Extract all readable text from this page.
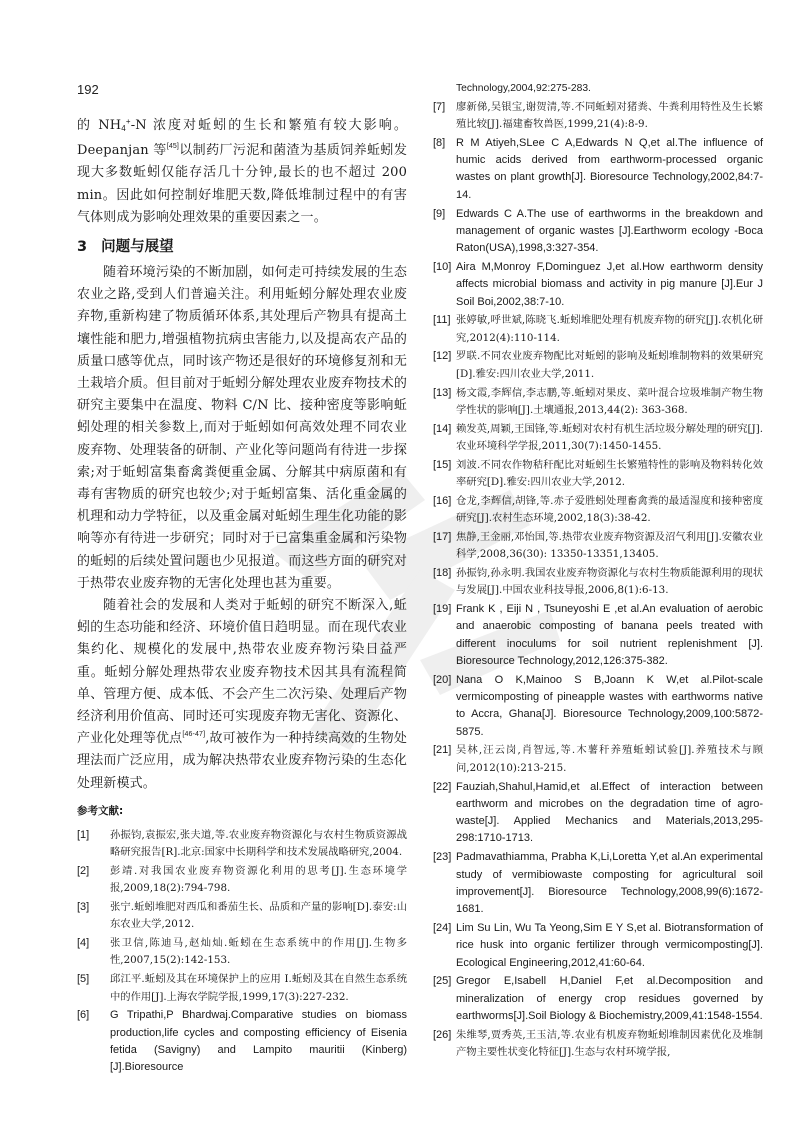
192

的 $NH_4^+-N$ 浓度对蚯蚓的生长和繁殖有较大影响。Deepanjan 等[45]以制药厂污泥和菌渣为基质饲养蚯蚓发现大多数蚯蚓仅能存活几十分钟,最长的也不超过 200 min。因此如何控制好堆肥天数,降低堆制过程中的有害气体则成为影响处理效果的重要因素之一。

3 问题与展望

随着环境污染的不断加剧，如何走可持续发展的生态农业之路,受到人们普遍关注。利用蚯蚓分解处理农业废弃物,重新构建了物质循环体系,其处理后产物具有提高土壤性能和肥力,增强植物抗病虫害能力,以及提高农产品的质量口感等优点，同时该产物还是很好的环境修复剂和无土栽培介质。但目前对于蚯蚓分解处理农业废弃物技术的研究主要集中在温度、物料 C/N 比、接种密度等影响蚯蚓处理的相关参数上,而对于蚯蚓如何高效处理不同农业废弃物、处理装备的研制、产业化等问题尚有待进一步探索;对于蚯蚓富集畜禽粪便重金属、分解其中病原菌和有毒有害物质的研究也较少;对于蚯蚓富集、活化重金属的机理和动力学特征，以及重金属对蚯蚓生理生化功能的影响等亦有待进一步研究；同时对于已富集重金属和污染物的蚯蚓的后续处置问题也少见报道。而这些方面的研究对于热带农业废弃物的无害化处理也甚为重要。

随着社会的发展和人类对于蚯蚓的研究不断深入,蚯蚓的生态功能和经济、环境价值日趋明显。而在现代农业集约化、规模化的发展中,热带农业废弃物污染日益严重。蚯蚓分解处理热带农业废弃物技术因其具有流程简单、管理方便、成本低、不会产生二次污染、处理后产物经济利用价值高、同时还可实现废弃物无害化、资源化、产业化处理等优点[46-47],故可被作为一种持续高效的生物处理法而广泛应用，成为解决热带农业废弃物污染的生态化处理新模式。

参考文献:
[1] 孙振钧,袁振宏,张夫道,等.农业废弃物资源化与农村生物质资源战略研究报告[R].北京:国家中长期科学和技术发展战略研究,2004.
[2] 彭靖.对我国农业废弃物资源化利用的思考[J].生态环境学报,2009,18(2):794-798.
[3] 张宁.蚯蚓堆肥对西瓜和番茄生长、品质和产量的影响[D].泰安:山东农业大学,2012.
[4] 张卫信,陈迪马,赵灿灿.蚯蚓在生态系统中的作用[J].生物多性,2007,15(2):142-153.
[5] 邱江平.蚯蚓及其在环境保护上的应用 I.蚯蚓及其在自然生态系统中的作用[J].上海农学院学报,1999,17(3):227-232.
[6] G Tripathi,P Bhardwaj.Comparative studies on biomass production,life cycles and composting efficiency of Eisenia fetida (Savigny) and Lampito mauritii (Kinberg)[J].Bioresource
Technology,2004,92:275-283.
[7] 廖新俤,吴银宝,谢贺清,等.不同蚯蚓对猪粪、牛粪利用特性及生长繁殖比较[J].福建畜牧兽医,1999,21(4):8-9.
[8] R M Atiyeh,SLee C A,Edwards N Q,et al.The influence of humic acids derived from earthworm-processed organic wastes on plant growth[J]. Bioresource Technology,2002,84:7-14.
[9] Edwards C A.The use of earthworms in the breakdown and management of organic wastes [J].Earthworm ecology -Boca Raton(USA),1998,3:327-354.
[10] Aira M,Monroy F,Dominguez J,et al.How earthworm density affects microbial biomass and activity in pig manure [J].Eur J Soil Boi,2002,38:7-10.
[11] 张婷敏,呼世斌,陈晓飞.蚯蚓堆肥处理有机废弃物的研究[J].农机化研究,2012(4):110-114.
[12] 罗联.不同农业废弃物配比对蚯蚓的影响及蚯蚓堆制物料的效果研究[D].雅安:四川农业大学,2011.
[13] 杨文霞,李辉信,李志鹏,等.蚯蚓对果皮、菜叶混合垃圾堆制产物生物学性状的影响[J].土壤通报,2013,44(2): 363-368.
[14] 赖发英,周颖,王国锋,等.蚯蚓对农村有机生活垃圾分解处理的研究[J].农业环境科学学报,2011,30(7):1450-1455.
[15] 刘波.不同农作物秸秆配比对蚯蚓生长繁殖特性的影响及物料转化效率研究[D].雅安:四川农业大学,2012.
[16] 仓龙,李辉信,胡锋,等.赤子爱胜蚓处理畜禽粪的最适湿度和接种密度研究[J].农村生态环境,2002,18(3):38-42.
[17] 焦静,王金丽,邓怡国,等.热带农业废弃物资源及沼气利用[J].安徽农业科学,2008,36(30): 13350-13351,13405.
[18] 孙振钧,孙永明.我国农业废弃物资源化与农村生物质能源利用的现状与发展[J].中国农业科技导报,2006,8(1):6-13.
[19] Frank K , Eiji N , Tsuneyoshi E ,et al.An evaluation of aerobic and anaerobic composting of banana peels treated with different inoculums for soil nutrient replenishment [J]. Bioresource Technology,2012,126:375-382.
[20] Nana O K,Mainoo S B,Joann K W,et al.Pilot-scale vermicomposting of pineapple wastes with earthworms native to Accra, Ghana[J]. Bioresource Technology,2009,100:5872-5875.
[21] 吴林,汪云岗,肖智远,等.木薯秆养殖蚯蚓试验[J].养殖技术与顾问,2012(10):213-215.
[22] Fauziah,Shahul,Hamid,et al.Effect of interaction between earthworm and microbes on the degradation time of agro-waste[J]. Applied Mechanics and Materials,2013,295-298:1710-1713.
[23] Padmavathiamma, Prabha K,Li,Loretta Y,et al.An experimental study of vermibiowaste composting for agricultural soil improvement[J]. Bioresource Technology,2008,99(6):1672-1681.
[24] Lim Su Lin, Wu Ta Yeong,Sim E Y S,et al. Biotransformation of rice husk into organic fertilizer through vermicomposting[J]. Ecological Engineering,2012,41:60-64.
[25] Gregor E,Isabell H,Daniel F,et al.Decomposition and mineralization of energy crop residues governed by earthworms[J].Soil Biology & Biochemistry,2009,41:1548-1554.
[26] 朱维琴,贾秀英,王玉洁,等.农业有机废弃物蚯蚓堆制因素优化及堆制产物主要性状变化特征[J].生态与农村环境学报,
